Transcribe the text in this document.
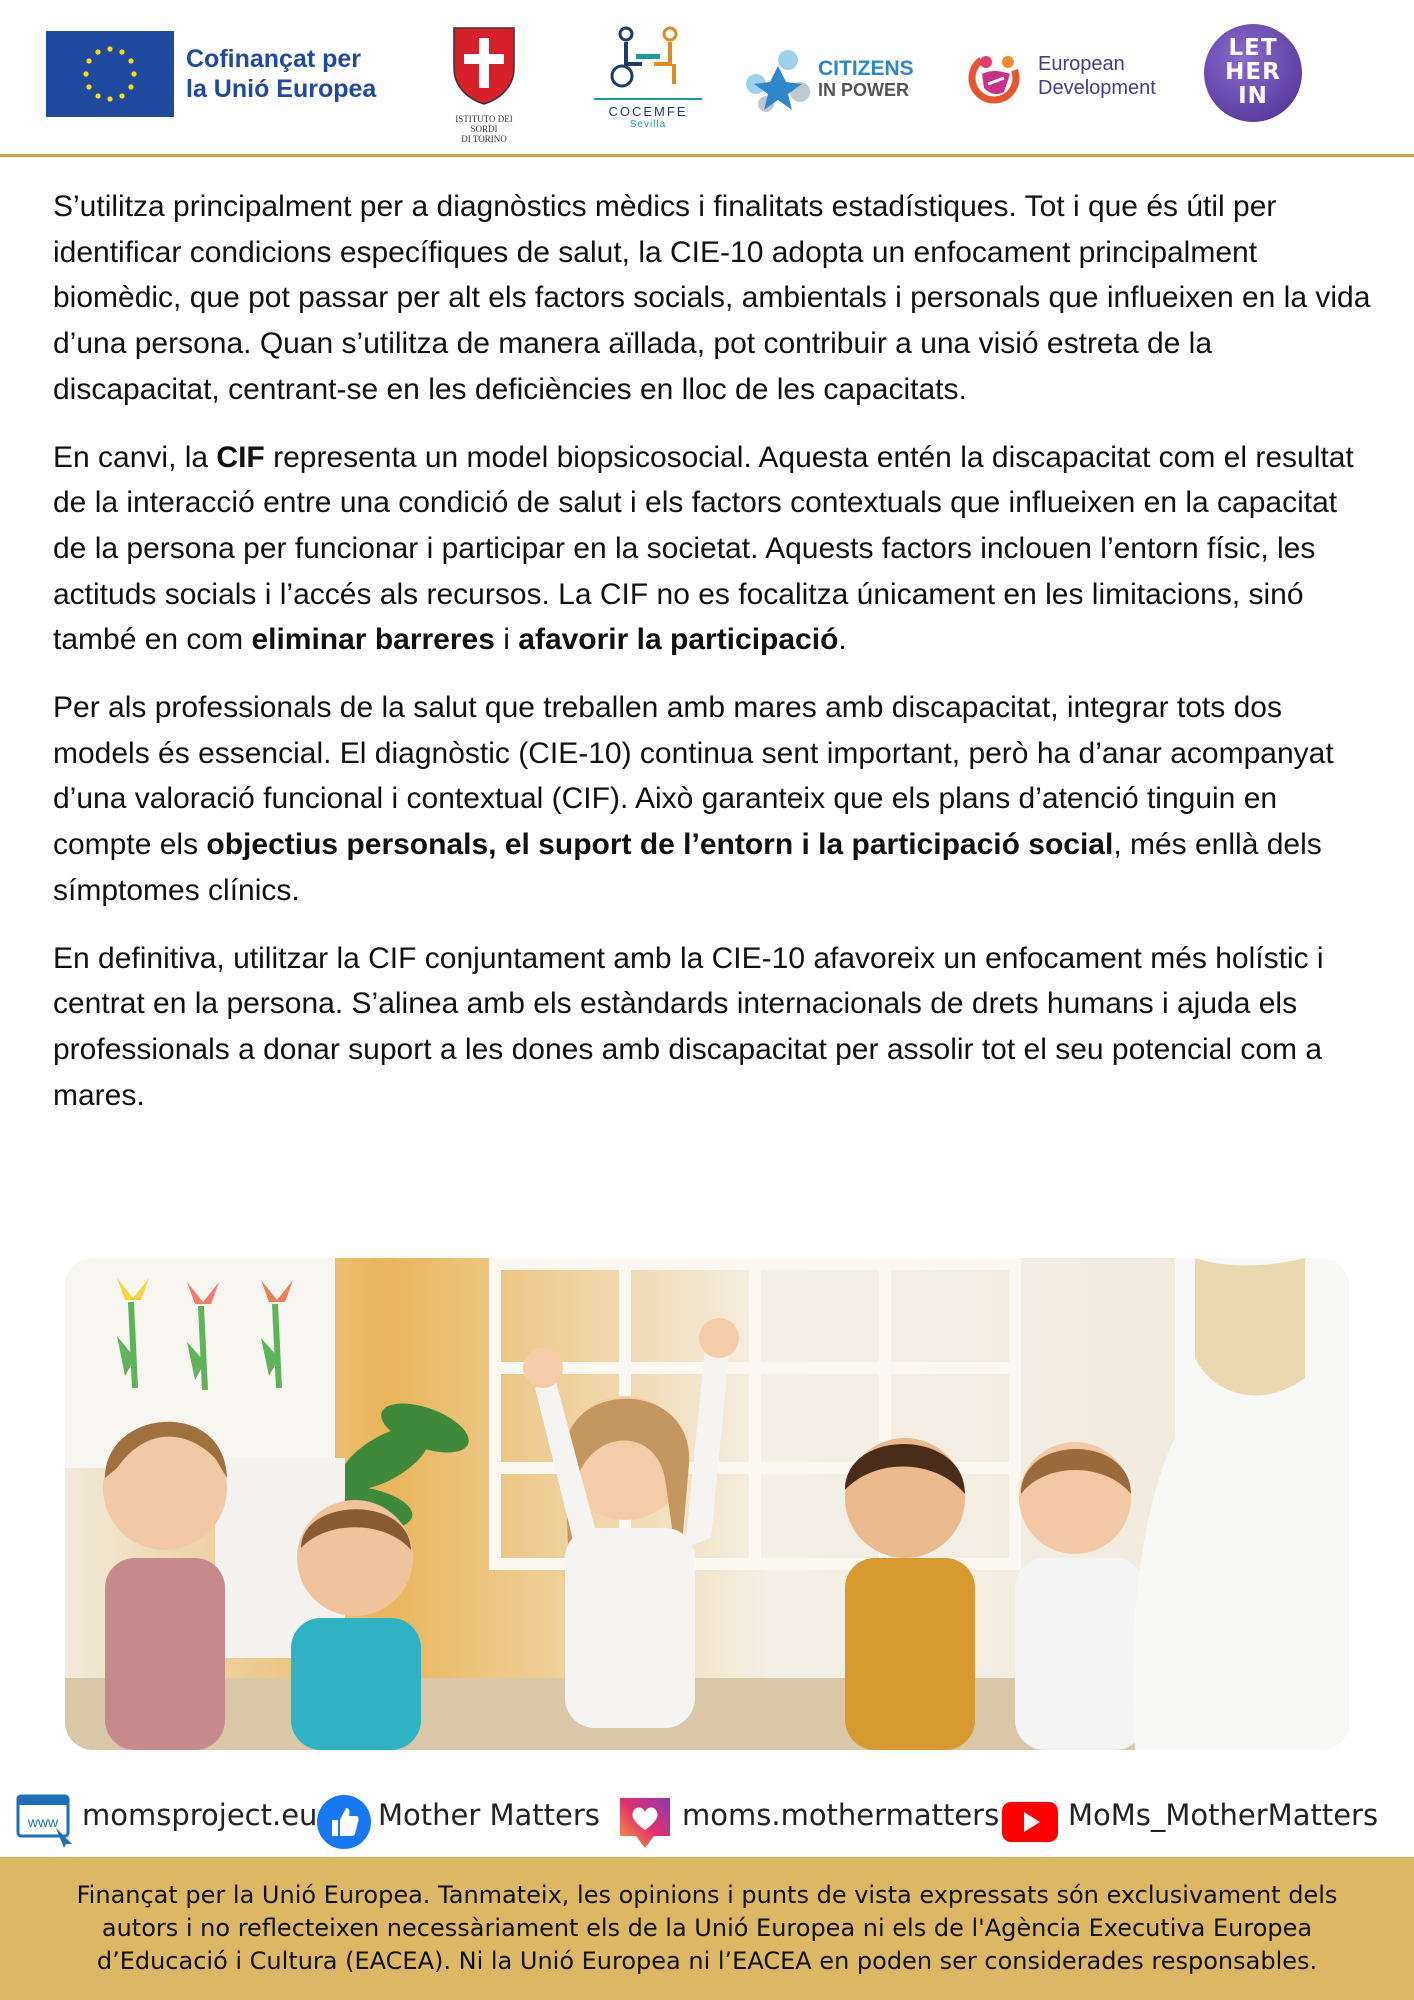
Cofinançat per
la Unió Europea
ISTITUTO DEI SORDI
DI TORINO
COCEMFE
Sevilla
CITIZENS
IN POWER
European
Development
LET
HER
IN

S’utilitza principalment per a diagnòstics mèdics i finalitats estadístiques. Tot i que és útil per identificar condicions específiques de salut, la CIE-10 adopta un enfocament principalment biomèdic, que pot passar per alt els factors socials, ambientals i personals que influeixen en la vida d’una persona. Quan s’utilitza de manera aïllada, pot contribuir a una visió estreta de la discapacitat, centrant-se en les deficiències en lloc de les capacitats.

En canvi, la CIF representa un model biopsicosocial. Aquesta entén la discapacitat com el resultat de la interacció entre una condició de salut i els factors contextuals que influeixen en la capacitat de la persona per funcionar i participar en la societat. Aquests factors inclouen l’entorn físic, les actituds socials i l’accés als recursos. La CIF no es focalitza únicament en les limitacions, sinó també en com eliminar barreres i afavorir la participació.

Per als professionals de la salut que treballen amb mares amb discapacitat, integrar tots dos models és essencial. El diagnòstic (CIE-10) continua sent important, però ha d’anar acompanyat d’una valoració funcional i contextual (CIF). Això garanteix que els plans d’atenció tinguin en compte els objectius personals, el suport de l’entorn i la participació social, més enllà dels símptomes clínics.

En definitiva, utilitzar la CIF conjuntament amb la CIE-10 afavoreix un enfocament més holístic i centrat en la persona. S’alinea amb els estàndards internacionals de drets humans i ajuda els professionals a donar suport a les dones amb discapacitat per assolir tot el seu potencial com a mares.

www momsproject.eu Mother Matters	moms.mothermatters MoMs_MotherMatters
Finançat per la Unió Europea. Tanmateix, les opinions i punts de vista expressats són exclusivament dels autors i no reflecteixen necessàriament els de la Unió Europea ni els de l'Agència Executiva Europea d’Educació i Cultura (EACEA). Ni la Unió Europea ni l’EACEA en poden ser considerades responsables.
